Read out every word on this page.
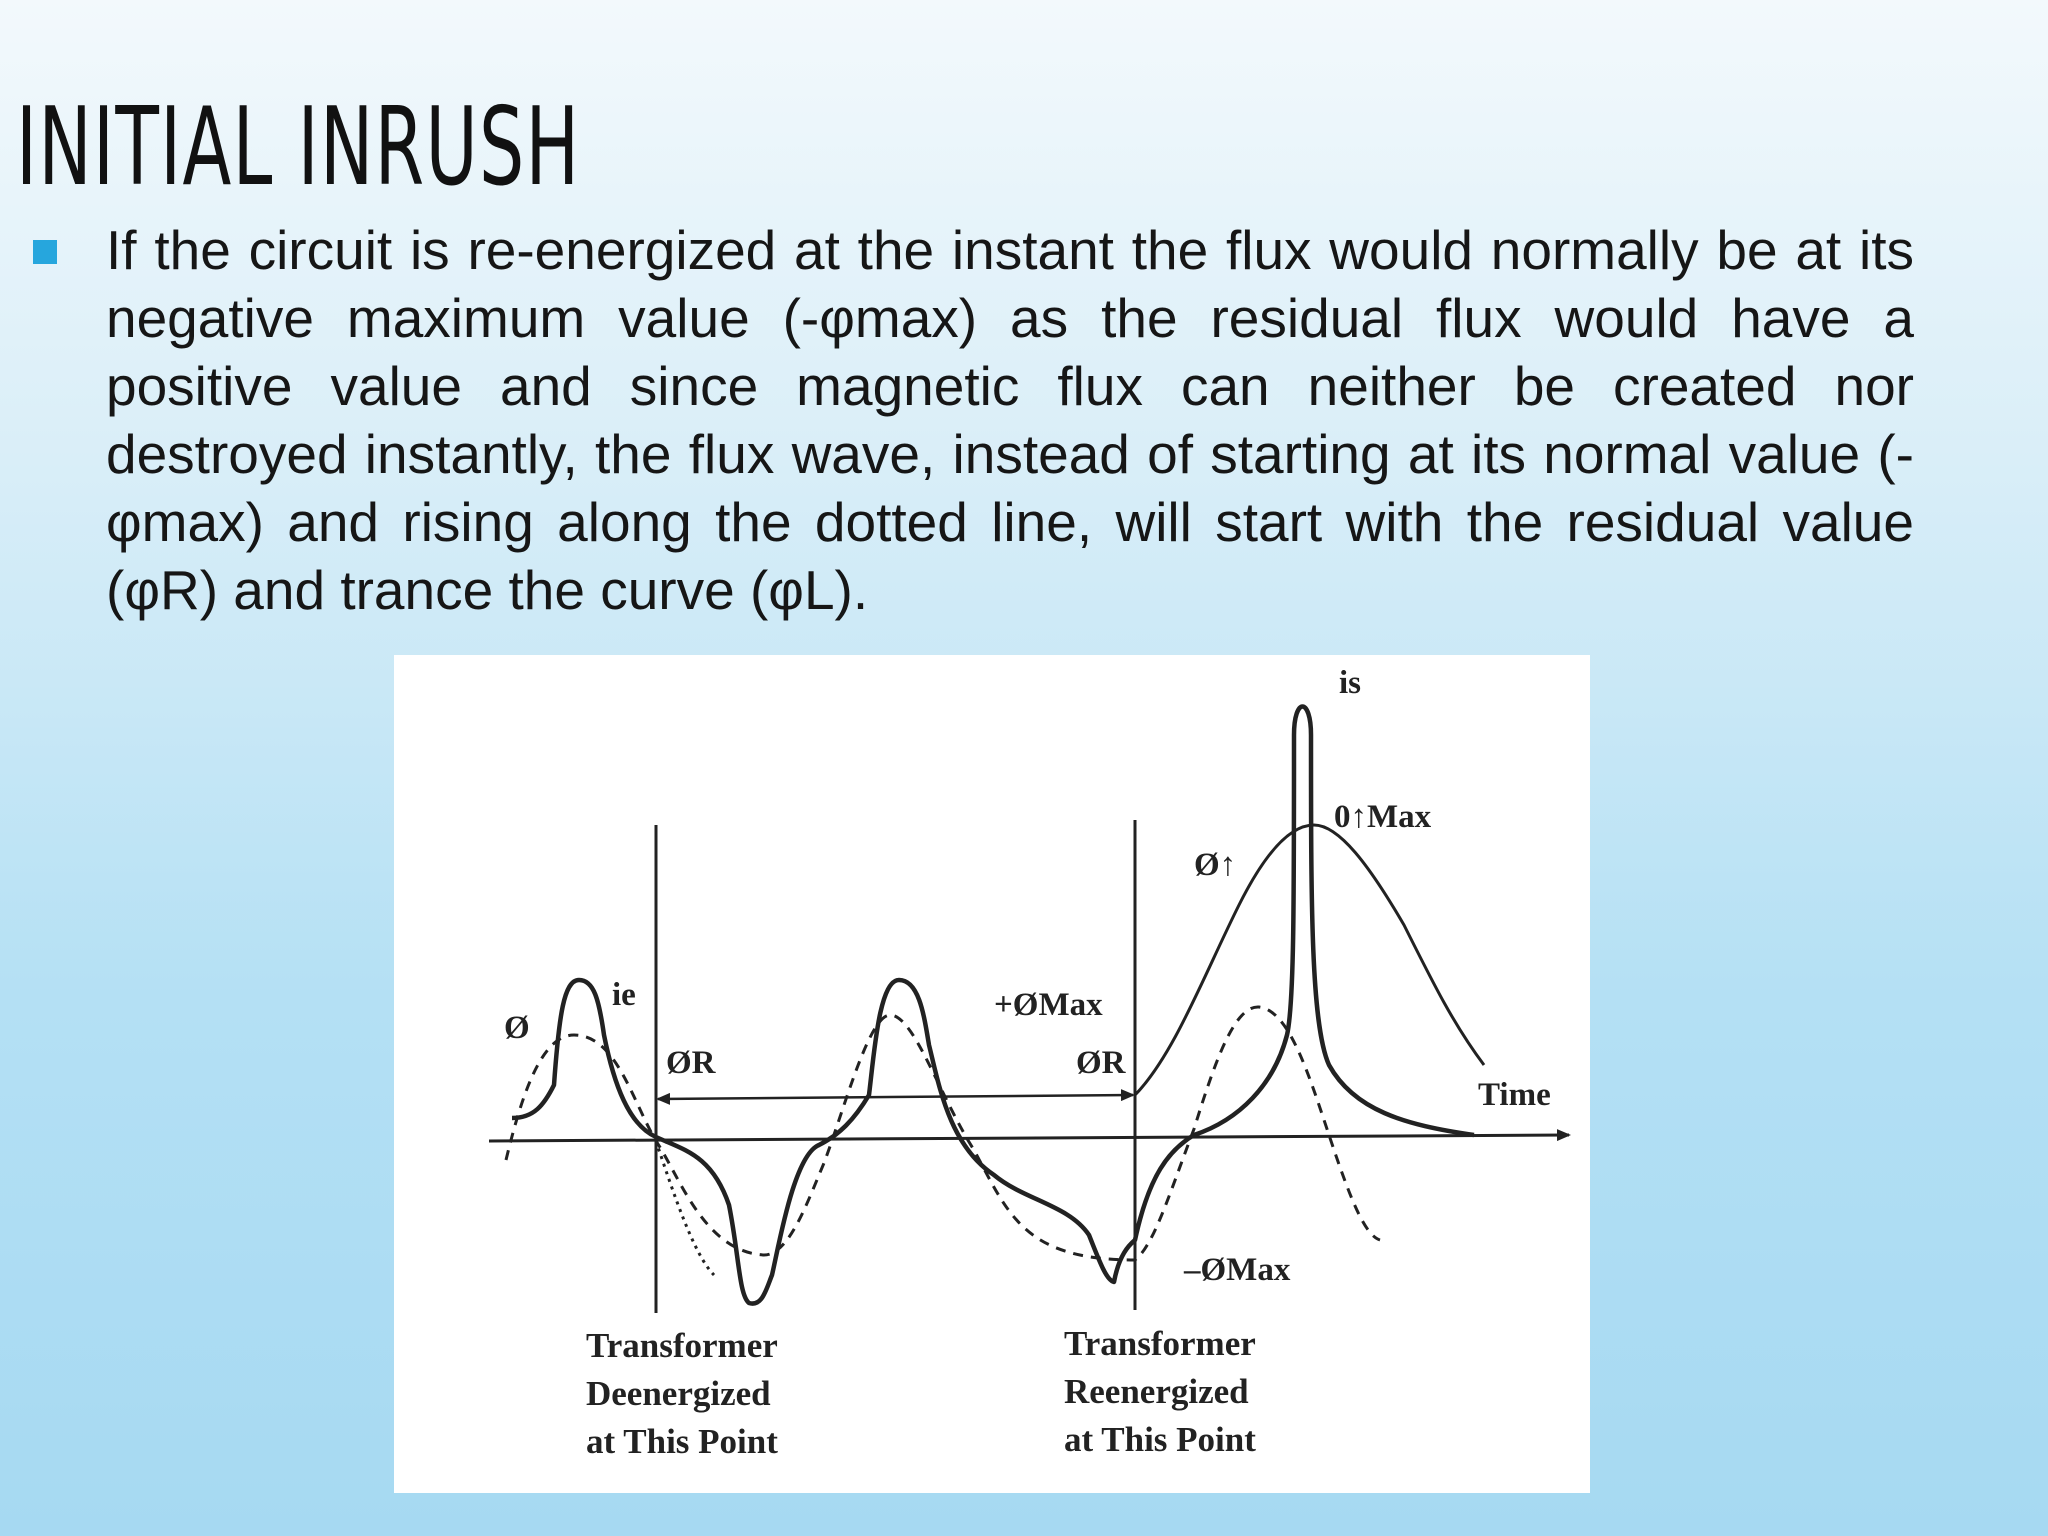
INITIAL INRUSH

If the circuit is re-energized at the instant the flux would normally be at its negative maximum value (-φmax) as the residual flux would have a positive value and since magnetic flux can neither be created nor destroyed instantly, the flux wave, instead of starting at its normal value (-φmax) and rising along the dotted line, will start with the residual value (φR) and trance the curve (φL).

is
0↑Max
Ø↑
ie
Ø
ØR	ØR
+ØMax
–ØMax
Time
Transformer
Deenergized
at This Point
Transformer
Reenergized
at This Point
